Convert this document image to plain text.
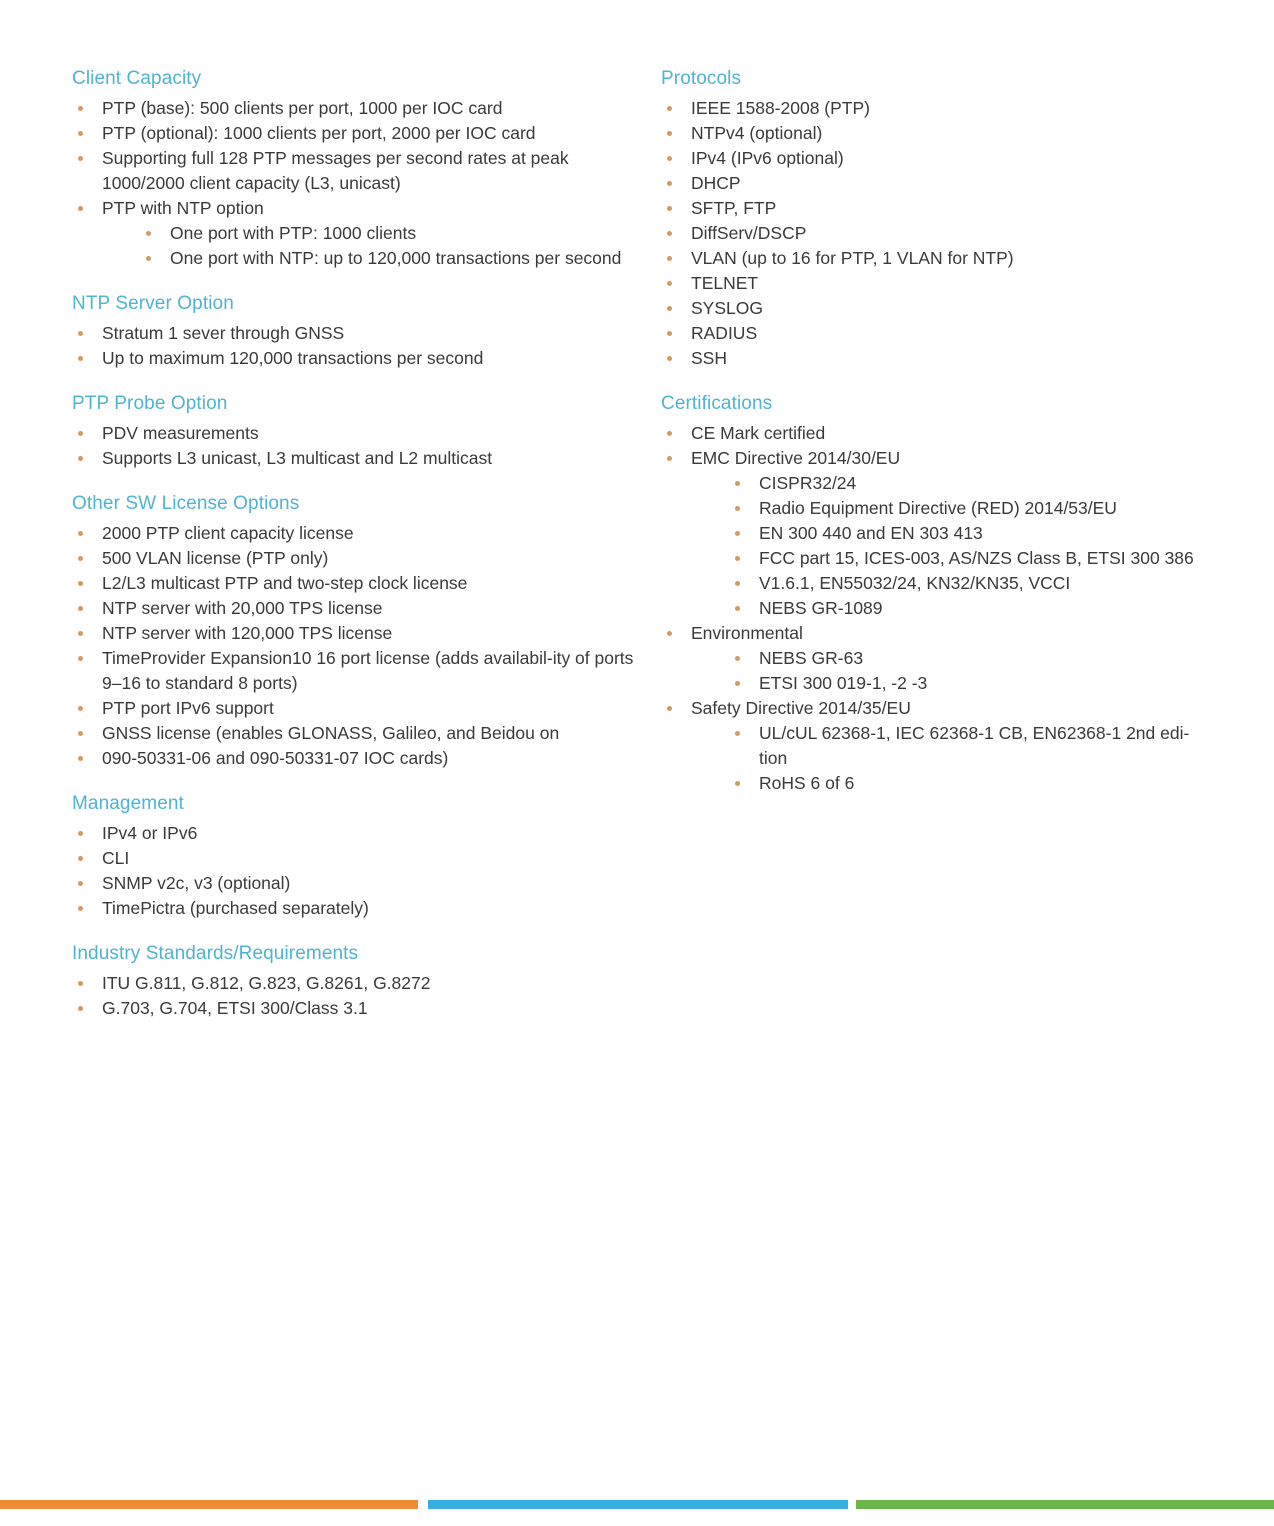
Client Capacity
PTP (base): 500 clients per port, 1000 per IOC card
PTP (optional): 1000 clients per port, 2000 per IOC card
Supporting full 128 PTP messages per second rates at peak 1000/2000 client capacity (L3, unicast)
PTP with NTP option
One port with PTP: 1000 clients
One port with NTP: up to 120,000 transactions per second
NTP Server Option
Stratum 1 sever through GNSS
Up to maximum 120,000 transactions per second
PTP Probe Option
PDV measurements
Supports L3 unicast, L3 multicast and L2 multicast
Other SW License Options
2000 PTP client capacity license
500 VLAN license (PTP only)
L2/L3 multicast PTP and two-step clock license
NTP server with 20,000 TPS license
NTP server with 120,000 TPS license
TimeProvider Expansion10 16 port license (adds availabil-ity of ports 9–16 to standard 8 ports)
PTP port IPv6 support
GNSS license (enables GLONASS, Galileo, and Beidou on
090-50331-06 and 090-50331-07 IOC cards)
Management
IPv4 or IPv6
CLI
SNMP v2c, v3 (optional)
TimePictra (purchased separately)
Industry Standards/Requirements
ITU G.811, G.812, G.823, G.8261, G.8272
G.703, G.704, ETSI 300/Class 3.1
Protocols
IEEE 1588-2008 (PTP)
NTPv4 (optional)
IPv4 (IPv6 optional)
DHCP
SFTP, FTP
DiffServ/DSCP
VLAN (up to 16 for PTP, 1 VLAN for NTP)
TELNET
SYSLOG
RADIUS
SSH
Certifications
CE Mark certified
EMC Directive 2014/30/EU
CISPR32/24
Radio Equipment Directive (RED) 2014/53/EU
EN 300 440 and EN 303 413
FCC part 15, ICES-003, AS/NZS Class B, ETSI 300 386
V1.6.1, EN55032/24, KN32/KN35, VCCI
NEBS GR-1089
Environmental
NEBS GR-63
ETSI 300 019-1, -2 -3
Safety Directive 2014/35/EU
UL/cUL 62368-1, IEC 62368-1 CB, EN62368-1 2nd edi-tion
RoHS 6 of 6
